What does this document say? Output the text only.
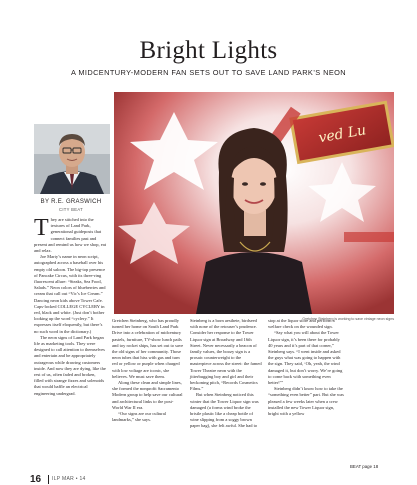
Bright Lights
A MIDCENTURY-MODERN FAN SETS OUT TO SAVE LAND PARK’S NEON
BY R.E. GRASWICH
CITY BEAT
ved Lu
Gretchen Steinberg is working to save vintage neon signs

They are stitched into the textures of Land Park, generational guideposts that connect families past and present and remind us how we shop, eat and relax.

Joe Marty’s name in neon script, autographed across a baseball over his empty old saloon. The big-top presence of Pancake Circus, with its three-ring fluorescent allure: “Steaks, Sea Food, Salads.” Neon colors of blueberries and cream that call out “Vic’s Ice Cream.” Dancing neon kids above Tower Cafe. Caps-locked COLLEGE CYCLERY in red, black and white. (Just don’t bother looking up the word “cyclery.” It expresses itself eloquently, but there’s no such word in the dictionary.)

The neon signs of Land Park began life as marketing tools. They were designed to call attention to themselves and entertain and be appropriately outrageous while drawing customers inside. And now they are dying, like the rest of us, often faded and broken, filled with strange fizzes and solenoids that would baffle an electrical engineering undergrad.

Gretchen Steinberg, who has proudly turned her home on South Land Park Drive into a celebration of midcentury pastels, furniture, TV-show lunch pails and toy rocket ships, has set out to save the old signs of her community. Those neon tubes that hiss with gas and turn red or yellow or purple when charged with low voltage are iconic, she believes. We must save them.

Along these clean and simple lines, she formed the nonprofit Sacramento Modern group to help save our cultural and architectural links to the post-World War II era.

“Our signs are our cultural landmarks,” she says.

Steinberg is a born aesthete, birdseed with none of the retouser’s prudence. Consider her response to the Tower Liquor sign at Broadway and 16th Street. Never necessarily a beacon of family values, the boozy sign is a prosaic counterweight to the masterpiece across the street: the famed Tower Theatre neon with the jitterbugging boy and girl and their beckoning pitch, “Records Cosmetics Films.”

But when Steinberg noticed this winter that the Tower Liquor sign was damaged (a forms wind broke the bristle plastic like a cheap bottle of wine slipping from a soggy brown paper bag), she felt awful. She had to

stop at the liquor store and perform a welfare check on the wounded sign.

“Say what you will about the Tower Liquor sign, it’s been there for probably 40 years and it’s part of that corner,” Steinberg says. “I went inside and asked the guys what was going to happen with the sign. They said, ‘Oh, yeah, the wind damaged it, but don’t worry. We’re going to come back with something even better!’”

Steinberg didn’t know how to take the “something even better” part. But she was pleased a few weeks later when a crew installed the new Tower Liquor sign, bright with a yellow

BEAT page 18
16 ILP MAR • 14
